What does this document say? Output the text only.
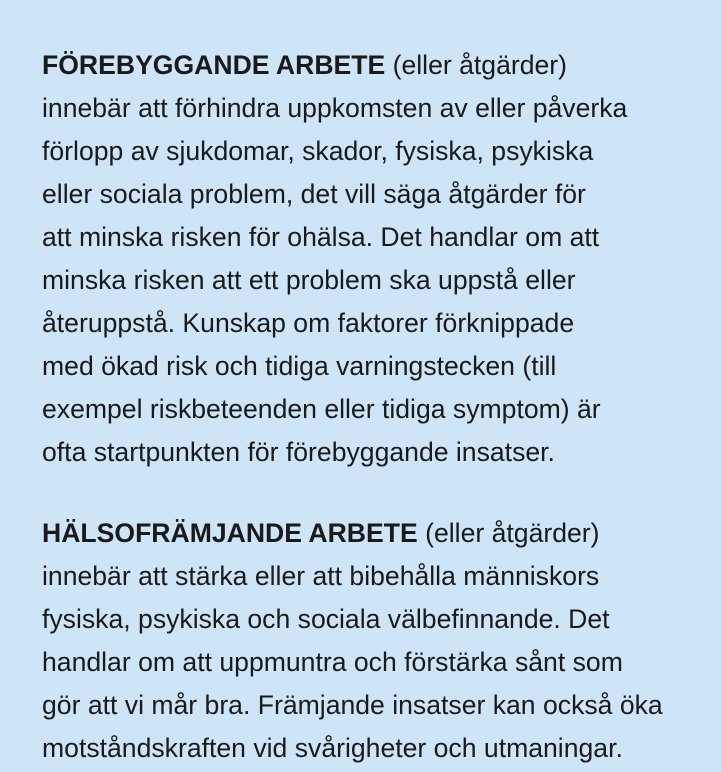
FÖREBYGGANDE ARBETE (eller åtgärder)
innebär att förhindra uppkomsten av eller påverka
förlopp av sjukdomar, skador, fysiska, psykiska
eller sociala problem, det vill säga åtgärder för
att minska risken för ohälsa. Det handlar om att
minska risken att ett problem ska uppstå eller
återuppstå. Kunskap om faktorer förknippade
med ökad risk och tidiga varningstecken (till
exempel riskbeteenden eller tidiga symptom) är
ofta startpunkten för förebyggande insatser.

HÄLSOFRÄMJANDE ARBETE (eller åtgärder)
innebär att stärka eller att bibehålla människors
fysiska, psykiska och sociala välbefinnande. Det
handlar om att uppmuntra och förstärka sånt som
gör att vi mår bra. Främjande insatser kan också öka
motståndskraften vid svårigheter och utmaningar.
